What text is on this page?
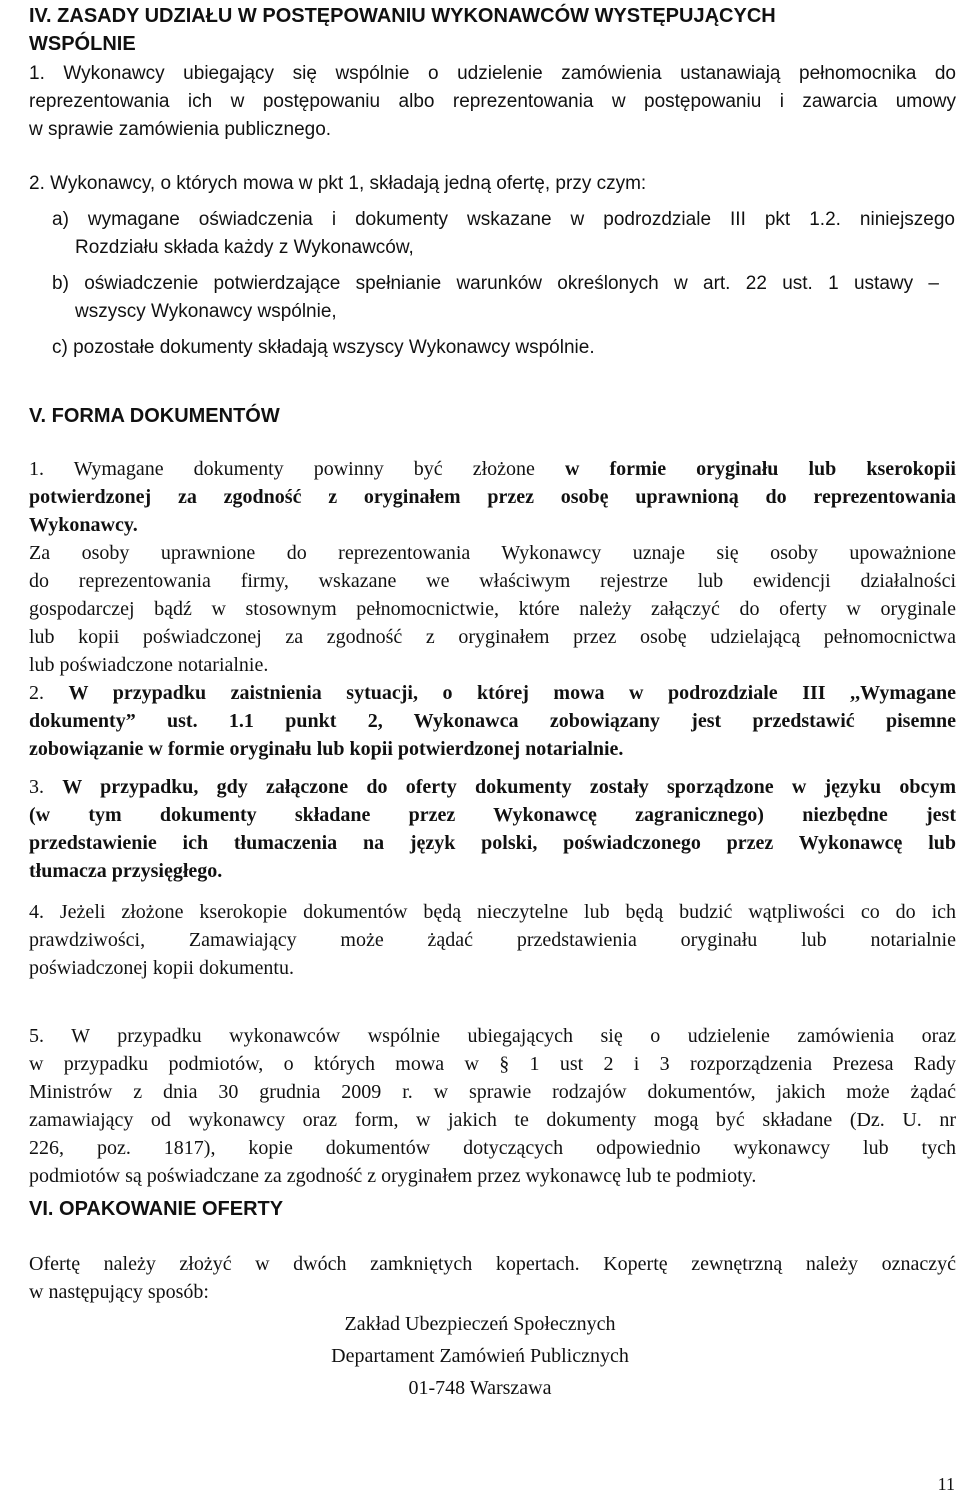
IV. ZASADY UDZIAŁU W POSTĘPOWANIU WYKONAWCÓW WYSTĘPUJĄCYCH
WSPÓLNIE
1. Wykonawcy ubiegający się wspólnie o udzielenie zamówienia ustanawiają pełnomocnika do
reprezentowania ich w postępowaniu albo reprezentowania w postępowaniu i zawarcia umowy
w sprawie zamówienia publicznego.
2. Wykonawcy, o których mowa w pkt 1, składają jedną ofertę, przy czym:
a) wymagane oświadczenia i dokumenty wskazane w podrozdziale III pkt 1.2. niniejszego
Rozdziału składa każdy z Wykonawców,
b) oświadczenie potwierdzające spełnianie warunków określonych w art. 22 ust. 1 ustawy –
wszyscy Wykonawcy wspólnie,
c) pozostałe dokumenty składają wszyscy Wykonawcy wspólnie.
V. FORMA DOKUMENTÓW
1. Wymagane dokumenty powinny być złożone w formie oryginału lub kserokopii
potwierdzonej za zgodność z oryginałem przez osobę uprawnioną do reprezentowania
Wykonawcy.
Za osoby uprawnione do reprezentowania Wykonawcy uznaje się osoby upoważnione
do reprezentowania firmy, wskazane we właściwym rejestrze lub ewidencji działalności
gospodarczej bądź w stosownym pełnomocnictwie, które należy załączyć do oferty w oryginale
lub kopii poświadczonej za zgodność z oryginałem przez osobę udzielającą pełnomocnictwa
lub poświadczone notarialnie.
2. W przypadku zaistnienia sytuacji, o której mowa w podrozdziale III ,,Wymagane
dokumenty” ust. 1.1 punkt 2, Wykonawca zobowiązany jest przedstawić pisemne
zobowiązanie w formie oryginału lub kopii potwierdzonej notarialnie.
3. W przypadku, gdy załączone do oferty dokumenty zostały sporządzone w języku obcym
(w tym dokumenty składane przez Wykonawcę zagranicznego) niezbędne jest
przedstawienie ich tłumaczenia na język polski, poświadczonego przez Wykonawcę lub
tłumacza przysięgłego.
4. Jeżeli złożone kserokopie dokumentów będą nieczytelne lub będą budzić wątpliwości co do ich
prawdziwości, Zamawiający może żądać przedstawienia oryginału lub notarialnie
poświadczonej kopii dokumentu.
5. W przypadku wykonawców wspólnie ubiegających się o udzielenie zamówienia oraz
w przypadku podmiotów, o których mowa w § 1 ust 2 i 3 rozporządzenia Prezesa Rady
Ministrów z dnia 30 grudnia 2009 r. w sprawie rodzajów dokumentów, jakich może żądać
zamawiający od wykonawcy oraz form, w jakich te dokumenty mogą być składane (Dz. U. nr
226, poz. 1817), kopie dokumentów dotyczących odpowiednio wykonawcy lub tych
podmiotów są poświadczane za zgodność z oryginałem przez wykonawcę lub te podmioty.
VI. OPAKOWANIE OFERTY
Ofertę należy złożyć w dwóch zamkniętych kopertach. Kopertę zewnętrzną należy oznaczyć
w następujący sposób:
Zakład Ubezpieczeń Społecznych
Departament Zamówień Publicznych
01-748 Warszawa
11
